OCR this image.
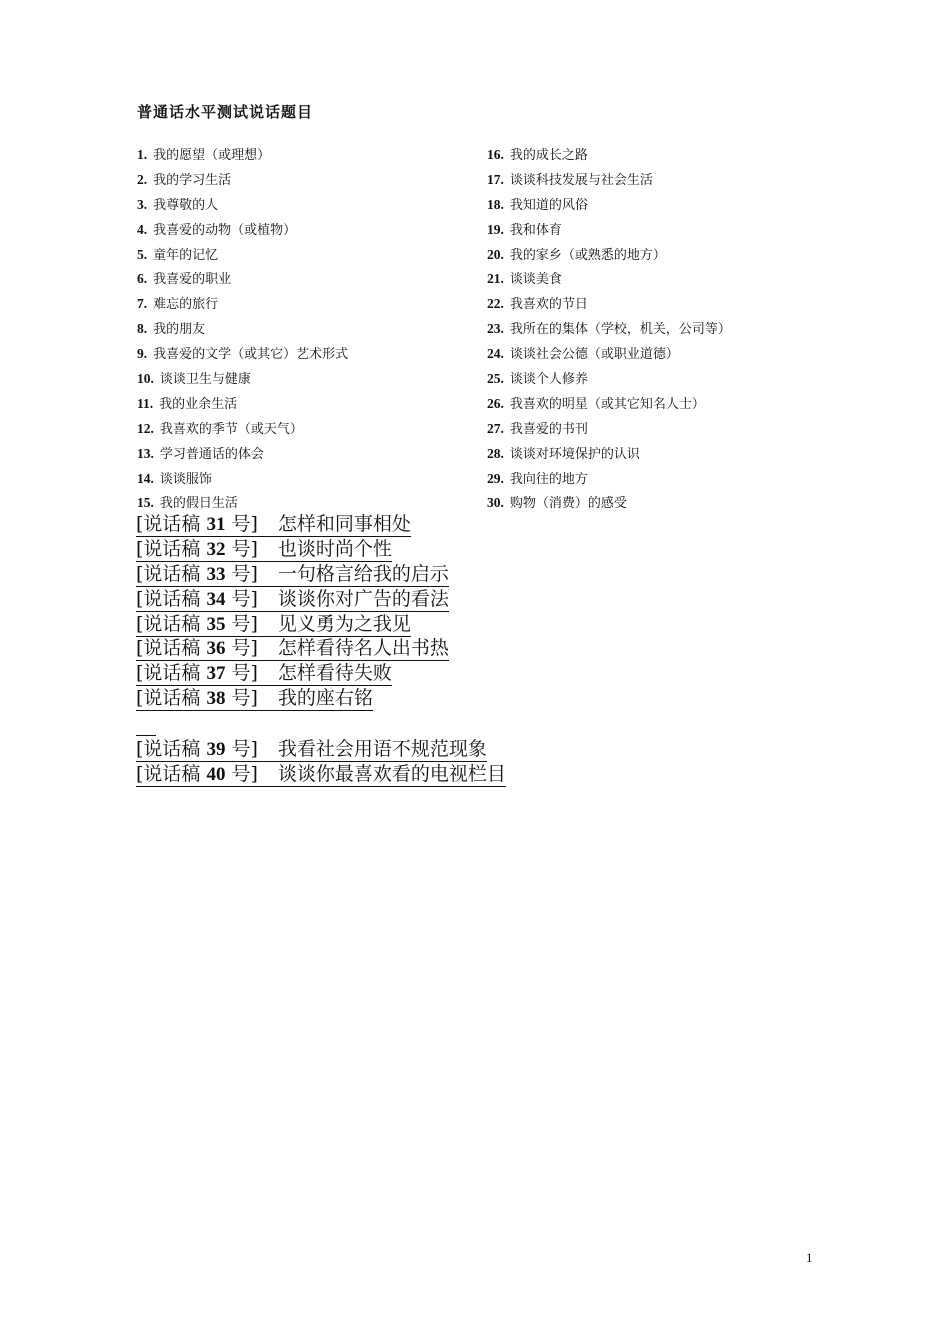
普通话水平测试说话题目
1. 我的愿望（或理想）
2. 我的学习生活
3. 我尊敬的人
4. 我喜爱的动物（或植物）
5. 童年的记忆
6. 我喜爱的职业
7. 难忘的旅行
8. 我的朋友
9. 我喜爱的文学（或其它）艺术形式
10. 谈谈卫生与健康
11. 我的业余生活
12. 我喜欢的季节（或天气）
13. 学习普通话的体会
14. 谈谈服饰
15. 我的假日生活
16. 我的成长之路
17. 谈谈科技发展与社会生活
18. 我知道的风俗
19. 我和体育
20. 我的家乡（或熟悉的地方）
21. 谈谈美食
22. 我喜欢的节日
23. 我所在的集体（学校，机关，公司等）
24. 谈谈社会公德（或职业道德）
25. 谈谈个人修养
26. 我喜欢的明星（或其它知名人士）
27. 我喜爱的书刊
28. 谈谈对环境保护的认识
29. 我向往的地方
30. 购物（消费）的感受
[说话稿 31 号] 怎样和同事相处
[说话稿 32 号] 也谈时尚个性
[说话稿 33 号] 一句格言给我的启示
[说话稿 34 号] 谈谈你对广告的看法
[说话稿 35 号] 见义勇为之我见
[说话稿 36 号] 怎样看待名人出书热
[说话稿 37 号] 怎样看待失败
[说话稿 38 号] 我的座右铭
[说话稿 39 号] 我看社会用语不规范现象
[说话稿 40 号] 谈谈你最喜欢看的电视栏目
1
